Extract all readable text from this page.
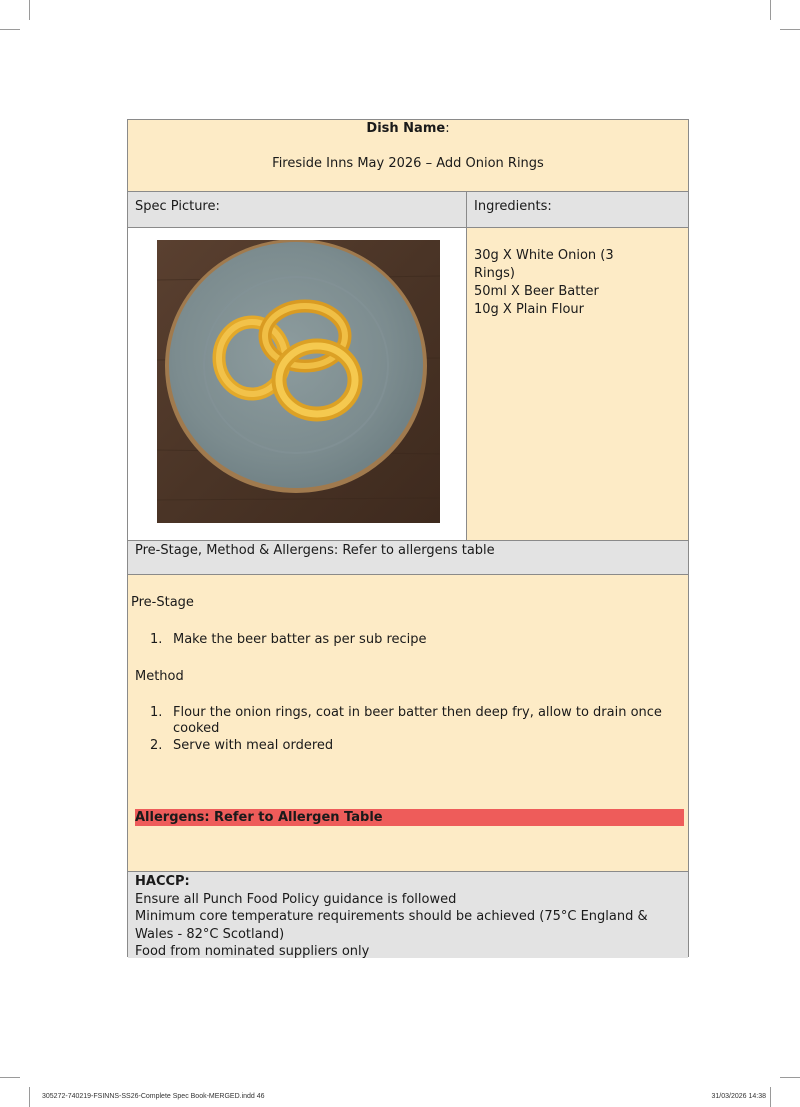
Dish Name:
Fireside Inns May 2026 – Add Onion Rings
Spec Picture:	Ingredients:
30g X White Onion (3 Rings)
50ml X Beer Batter
10g X Plain Flour
Pre-Stage, Method & Allergens: Refer to allergens table
Pre-Stage
1. Make the beer batter as per sub recipe
Method
1. Flour the onion rings, coat in beer batter then deep fry, allow to drain once cooked
2. Serve with meal ordered
Allergens: Refer to Allergen Table
HACCP:
Ensure all Punch Food Policy guidance is followed
Minimum core temperature requirements should be achieved (75°C England & Wales - 82°C Scotland)
Food from nominated suppliers only
305272-740219-FSINNS-SS26-Complete Spec Book-MERGED.indd 46	31/03/2026 14:38
